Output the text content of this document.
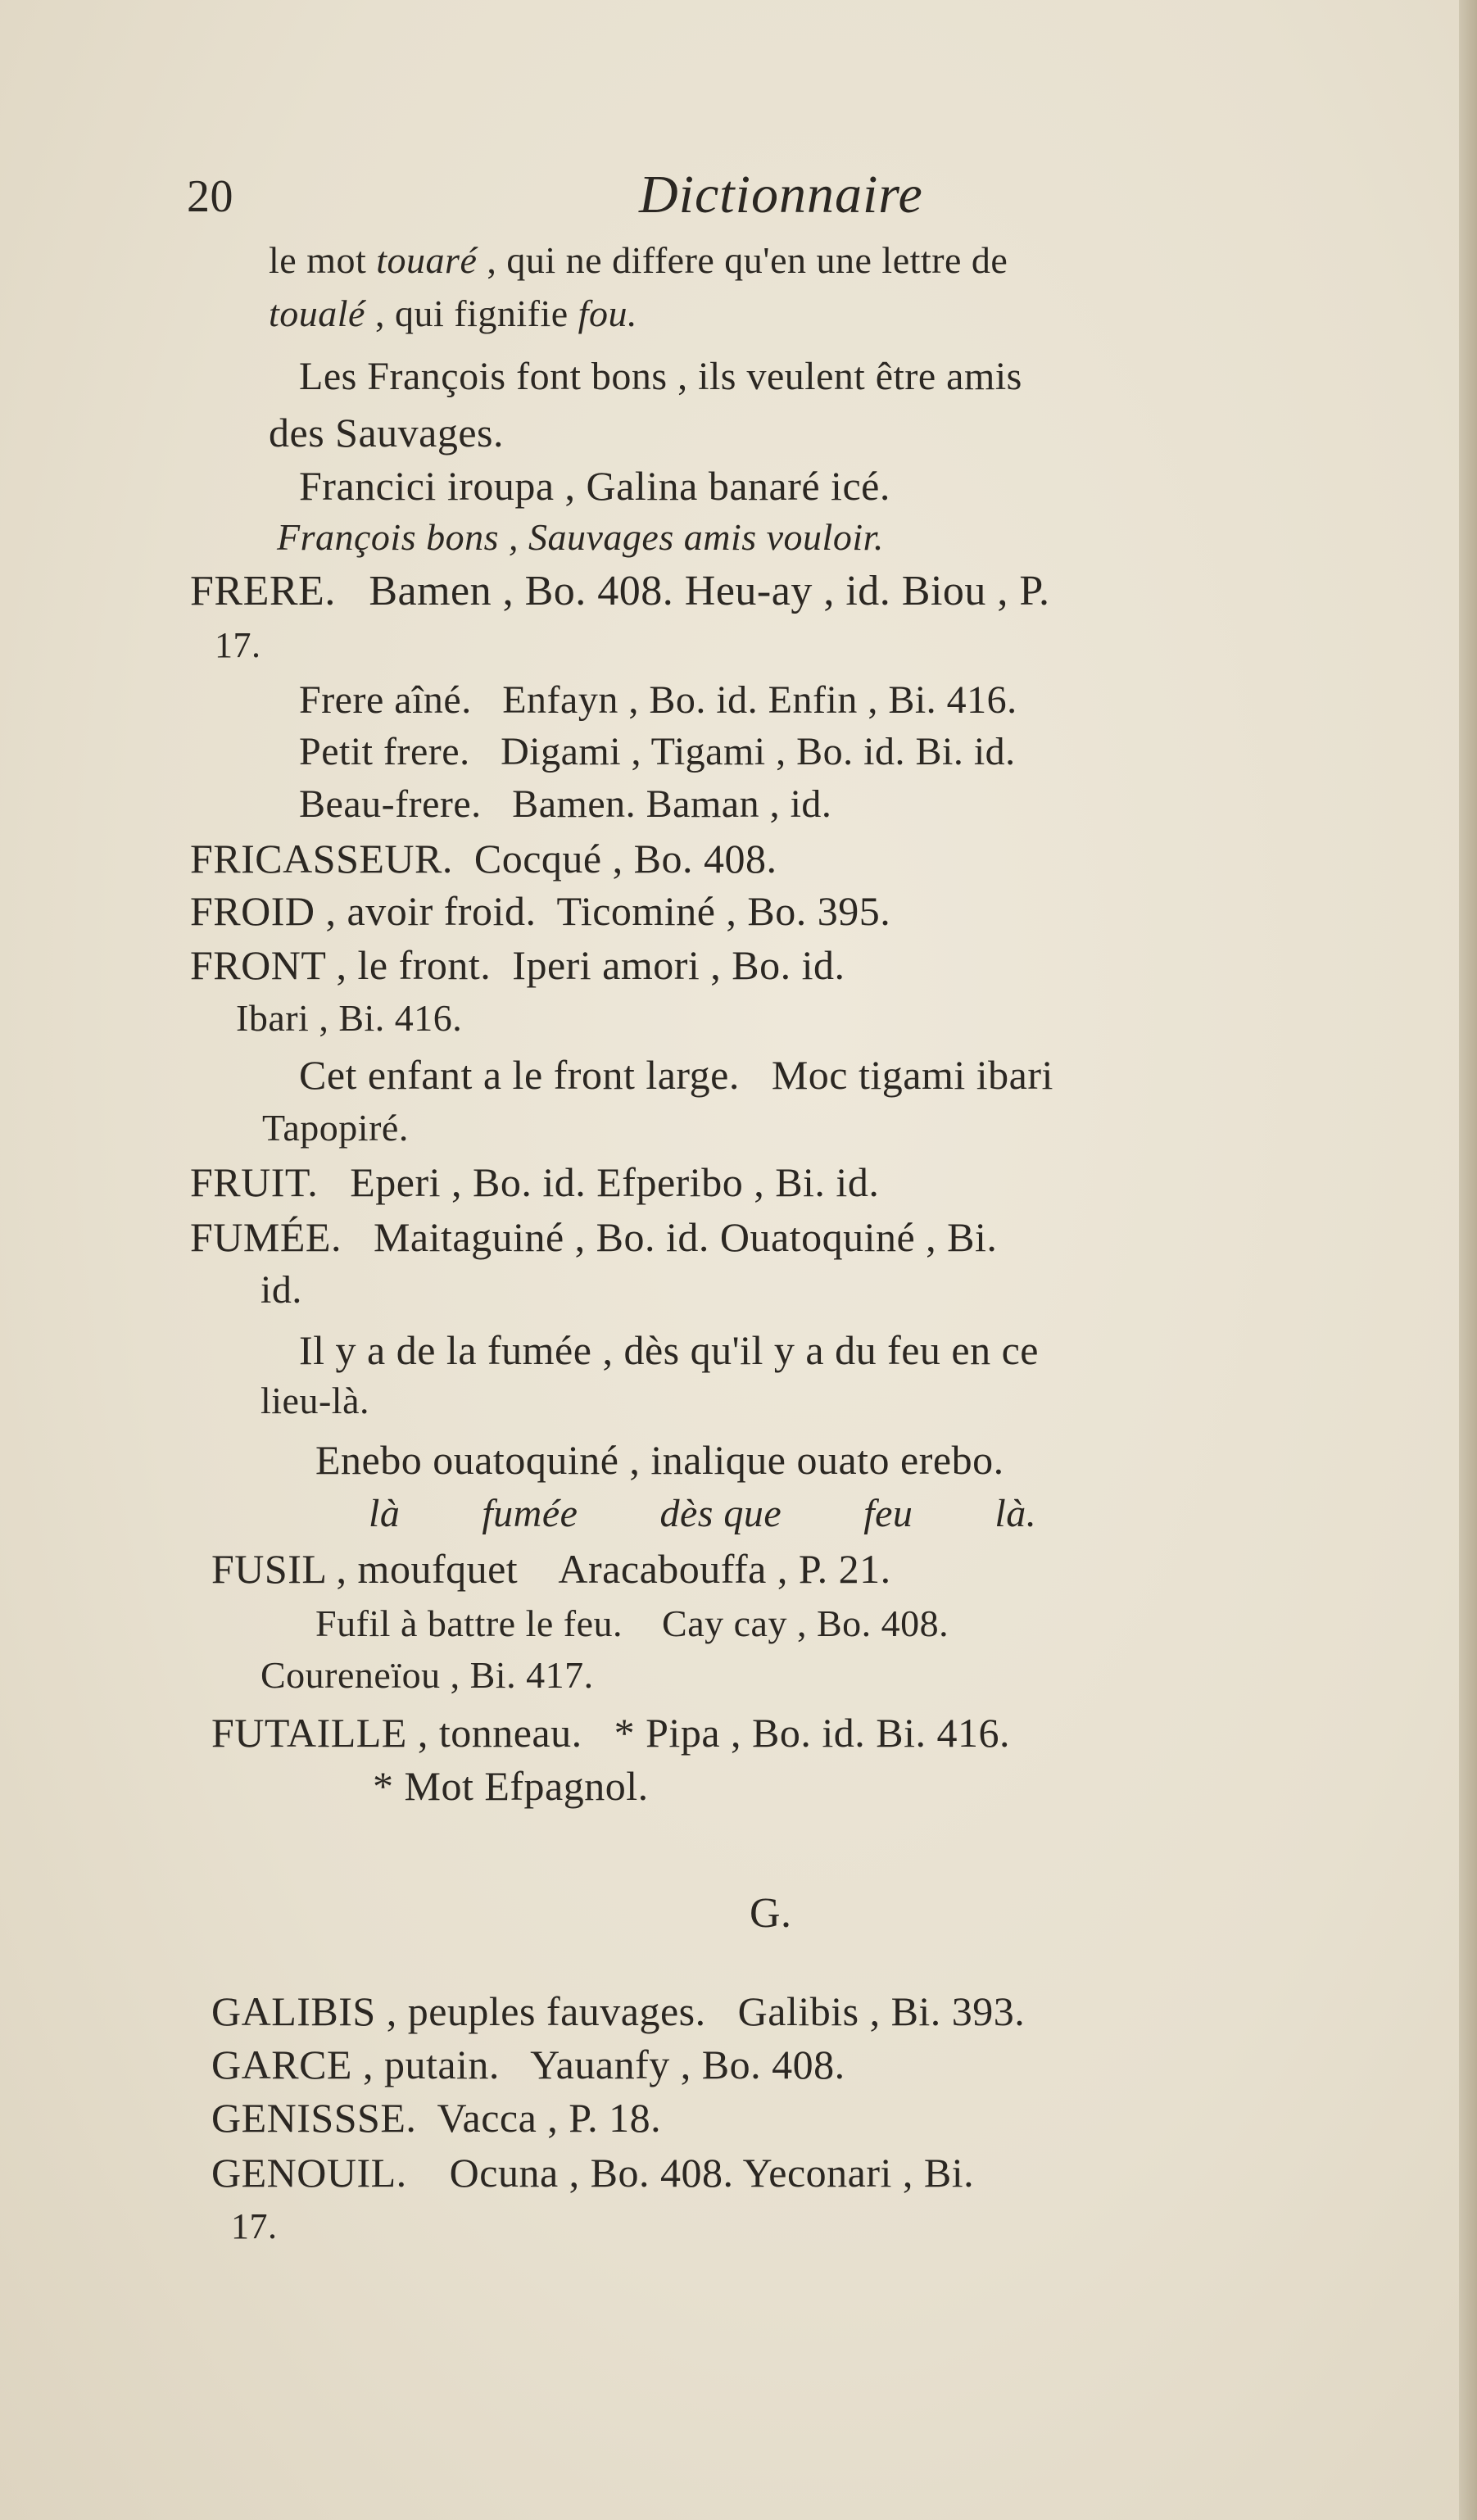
20	Dictionnaire
le mot touaré , qui ne differe qu'en une lettre de
toualé , qui fignifie fou.
Les François font bons , ils veulent être amis
des Sauvages.
Francici iroupa , Galina banaré icé.
François bons , Sauvages amis vouloir.
FRERE.   Bamen , Bo. 408. Heu-ay , id. Biou , P.
17.
Frere aîné.   Enfayn , Bo. id. Enfin , Bi. 416.
Petit frere.   Digami , Tigami , Bo. id. Bi. id.
Beau-frere.   Bamen. Baman , id.
FRICASSEUR.  Cocqué , Bo. 408.
FROID , avoir froid.  Ticominé , Bo. 395.
FRONT , le front.  Iperi amori , Bo. id.
Ibari , Bi. 416.
Cet enfant a le front large.   Moc tigami ibari
Tapopiré.
FRUIT.   Eperi , Bo. id. Efperibo , Bi. id.
FUMÉE.   Maitaguiné , Bo. id. Ouatoquiné , Bi.
id.
Il y a de la fumée , dès qu'il y a du feu en ce
lieu-là.
Enebo ouatoquiné , inalique ouato erebo.
là        fumée        dès que        feu        là.
FUSIL , moufquet    Aracabouffa , P. 21.
Fufil à battre le feu.    Cay cay , Bo. 408.
Coureneïou , Bi. 417.
FUTAILLE , tonneau.   * Pipa , Bo. id. Bi. 416.
* Mot Efpagnol.
G.
GALIBIS , peuples fauvages.   Galibis , Bi. 393.
GARCE , putain.   Yauanfy , Bo. 408.
GENISSSE.  Vacca , P. 18.
GENOUIL.    Ocuna , Bo. 408. Yeconari , Bi.
17.
